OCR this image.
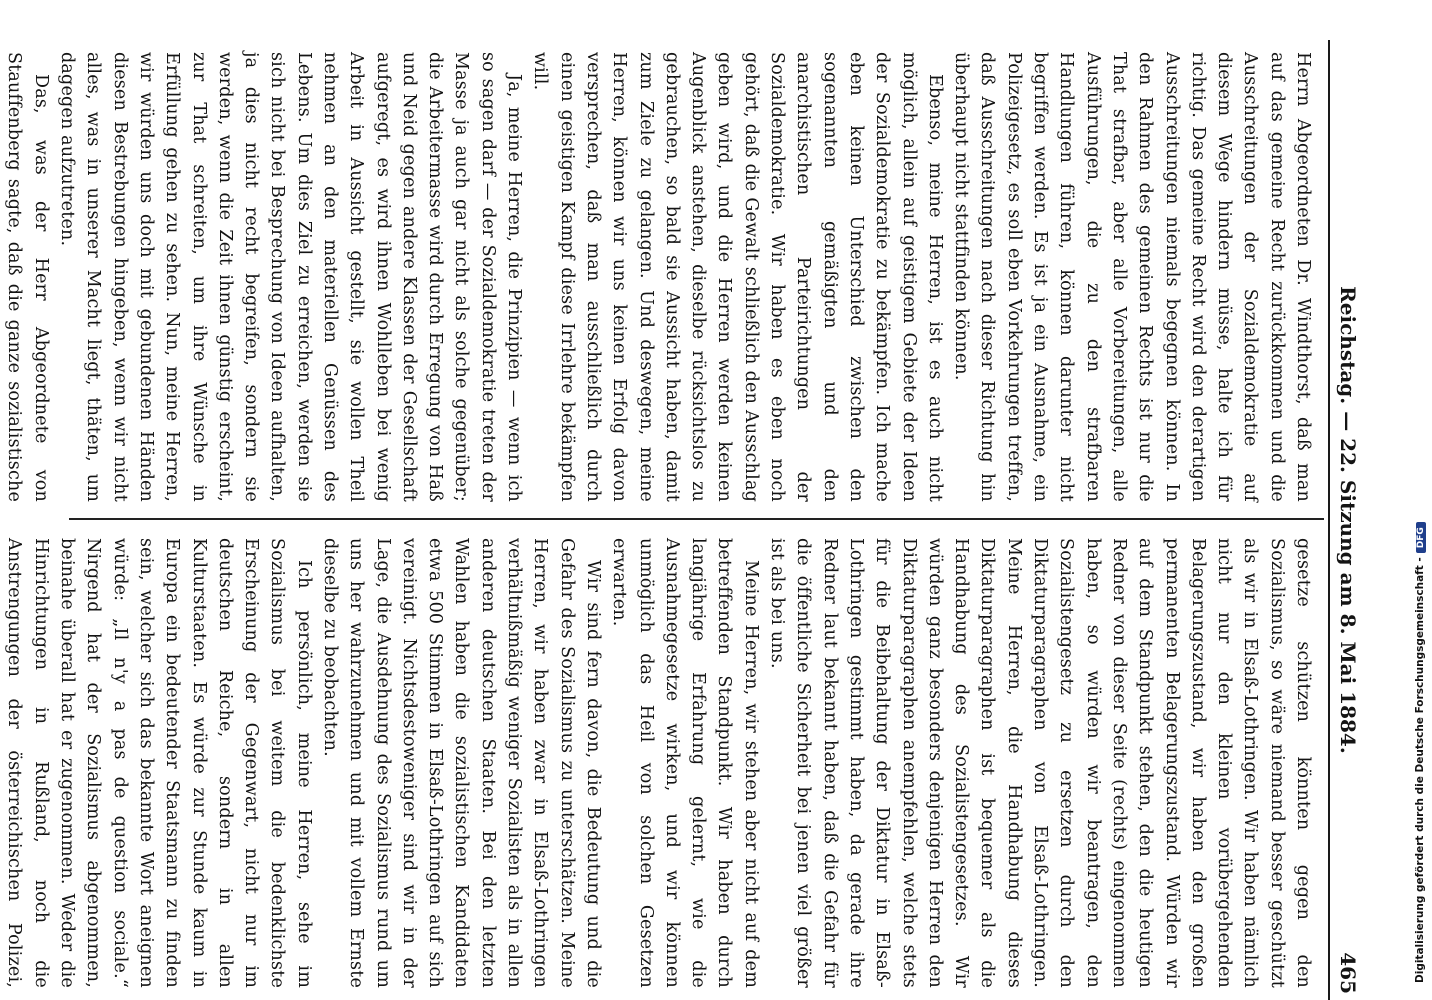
Reichstag. — 22. Sitzung am 8. Mai 1884.
465

Herrn Abgeordneten Dr. Windthorst, daß man auf das gemeine Recht zurückkommen und die Ausschreitungen der Sozialdemokratie auf diesem Wege hindern müsse, halte ich für richtig. Das gemeine Recht wird den derartigen Ausschreitungen niemals begegnen können. In den Rahmen des gemeinen Rechts ist nur die That strafbar, aber alle Vorbereitungen, alle Ausführungen, die zu den strafbaren Handlungen führen, können darunter nicht begriffen werden. Es ist ja ein Ausnahme, ein Polizeigesetz, es soll eben Vorkehrungen treffen, daß Ausschreitungen nach dieser Richtung hin überhaupt nicht stattfinden können.

Ebenso, meine Herren, ist es auch nicht möglich, allein auf geistigem Gebiete der Ideen der Sozialdemokratie zu bekämpfen. Ich mache eben keinen Unterschied zwischen den sogenannten gemäßigten und den anarchistischen Parteirichtungen der Sozialdemokratie. Wir haben es eben noch gehört, daß die Gewalt schließlich den Ausschlag geben wird, und die Herren werden keinen Augenblick anstehen, dieselbe rücksichtslos zu gebrauchen, so bald sie Aussicht haben, damit zum Ziele zu gelangen. Und deswegen, meine Herren, können wir uns keinen Erfolg davon versprechen, daß man ausschließlich durch einen geistigen Kampf diese Irrlehre bekämpfen will.

Ja, meine Herren, die Prinzipien — wenn ich so sagen darf — der Sozialdemokratie treten der Masse ja auch gar nicht als solche gegenüber; die Arbeitermasse wird durch Erregung von Haß und Neid gegen andere Klassen der Gesellschaft aufgeregt, es wird ihnen Wohlleben bei wenig Arbeit in Aussicht gestellt, sie wollen Theil nehmen an den materiellen Genüssen des Lebens. Um dies Ziel zu erreichen, werden sie sich nicht bei Besprechung von Ideen aufhalten, ja dies nicht recht begreifen, sondern sie werden, wenn die Zeit ihnen günstig erscheint, zur That schreiten, um ihre Wünsche in Erfüllung gehen zu sehen. Nun, meine Herren, wir würden uns doch mit gebundenen Händen diesen Bestrebungen hingeben, wenn wir nicht alles, was in unserer Macht liegt, thäten, um dagegen aufzutreten.

Das, was der Herr Abgeordnete von Stauffenberg sagte, daß die ganze sozialistische

gesetze schützen könnten gegen den Sozialismus, so wäre niemand besser geschützt als wir in Elsaß-Lothringen. Wir haben nämlich nicht nur den kleinen vorübergehenden Belagerungszustand, wir haben den großen permanenten Belagerungszustand. Würden wir auf dem Standpunkt stehen, den die heutigen Redner von dieser Seite (rechts) eingenommen haben, so würden wir beantragen, den Sozialistengesetz zu ersetzen durch den Diktaturparagraphen von Elsaß-Lothringen. Meine Herren, die Handhabung dieses Diktaturparagraphen ist bequemer als die Handhabung des Sozialistengesetzes. Wir würden ganz besonders denjenigen Herren den Diktaturparagraphen anempfehlen, welche stets für die Beibehaltung der Diktatur in Elsaß-Lothringen gestimmt haben, da gerade ihre Redner laut bekannt haben, daß die Gefahr für die öffentliche Sicherheit bei jenen viel größer ist als bei uns.

Meine Herren, wir stehen aber nicht auf dem betreffenden Standpunkt. Wir haben durch langjährige Erfahrung gelernt, wie die Ausnahmegesetze wirken, und wir können unmöglich das Heil von solchen Gesetzen erwarten.

Wir sind fern davon, die Bedeutung und die Gefahr des Sozialismus zu unterschätzen. Meine Herren, wir haben zwar in Elsaß-Lothringen verhältnißmäßig weniger Sozialisten als in allen anderen deutschen Staaten. Bei den letzten Wahlen haben die sozialistischen Kandidaten etwa 500 Stimmen in Elsaß-Lothringen auf sich vereinigt. Nichtsdestoweniger sind wir in der Lage, die Ausdehnung des Sozialismus rund um uns her wahrzunehmen und mit vollem Ernste dieselbe zu beobachten.

Ich persönlich, meine Herren, sehe im Sozialismus bei weitem die bedenklichste Erscheinung der Gegenwart, nicht nur im deutschen Reiche, sondern in allen Kulturstaaten. Es würde zur Stunde kaum in Europa ein bedeutender Staatsmann zu finden sein, welcher sich das bekannte Wort aneignen würde: „Il n'y a pas de question sociale.“ Nirgend hat der Sozialismus abgenommen, beinahe überall hat er zugenommen. Weder die Hinrichtungen in Rußland, noch die Anstrengungen der österreichischen Polizei,	Digitalisierung gefördert durch die Deutsche Forschungsgemeinschaft -DFG
